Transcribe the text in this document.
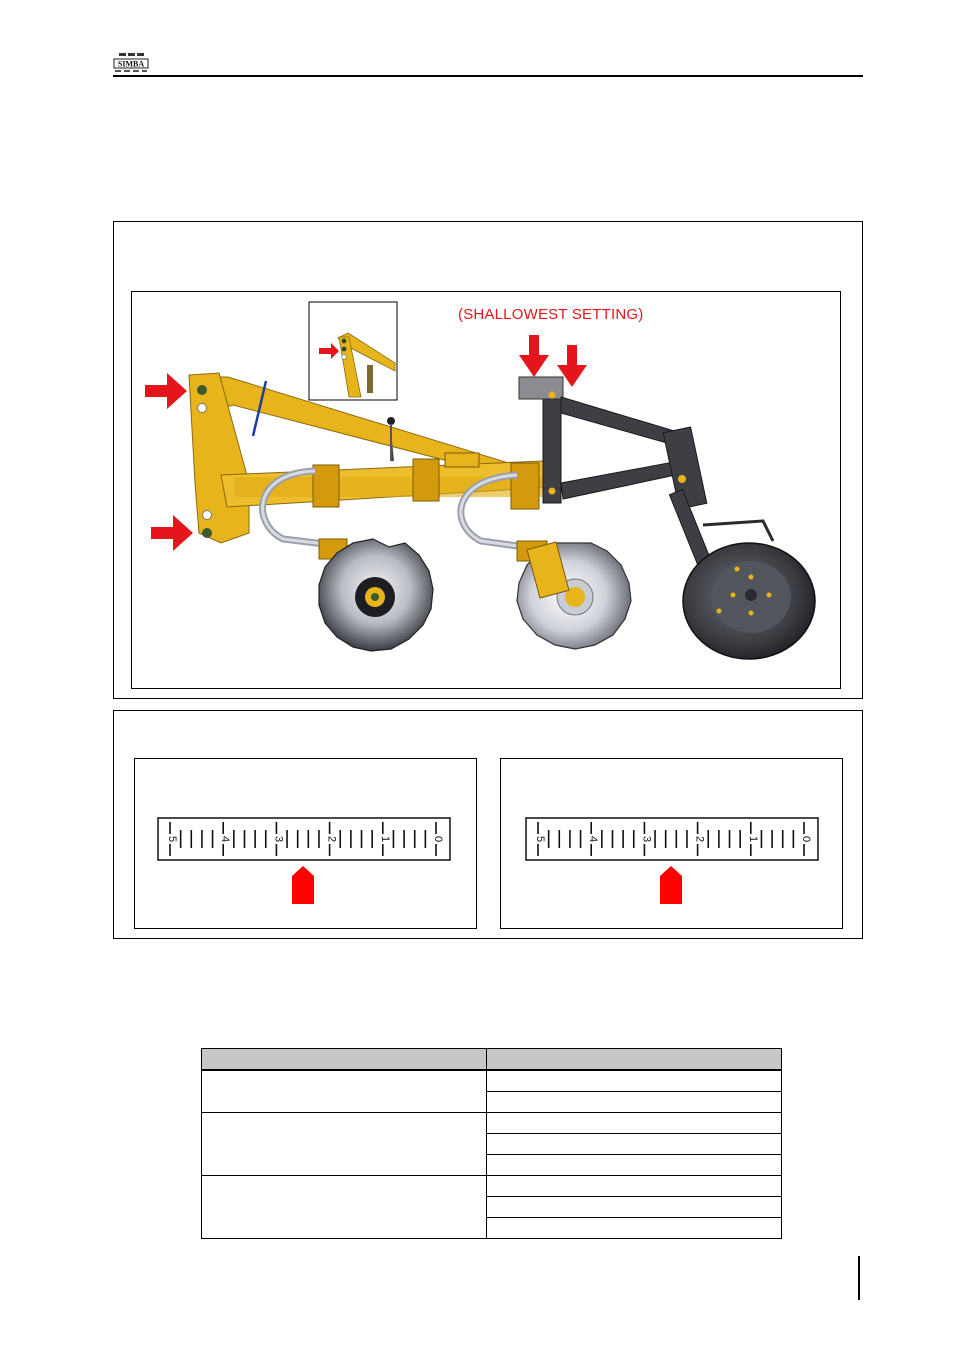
SIMBA
(SHALLOWEST SETTING)
5	4	3	2	1	0	5	4	3	2	1	0
